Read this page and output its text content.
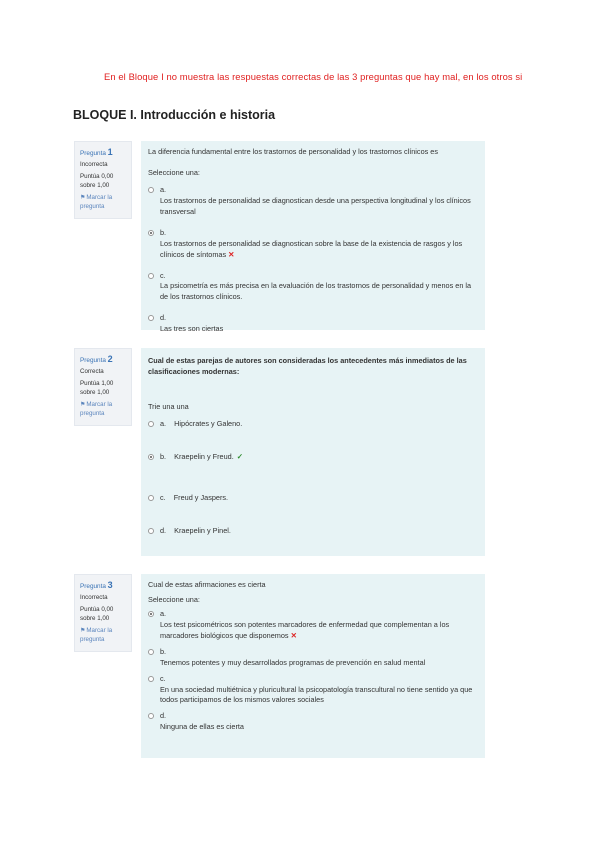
En el Bloque I no muestra las respuestas correctas de las 3 preguntas que hay mal, en los otros si
BLOQUE I. Introducción e historia
Pregunta 1
Incorrecta
Puntúa 0,00 sobre 1,00
⚑Marcar la pregunta

La diferencia fundamental entre los trastornos de personalidad y los trastornos clínicos es

Seleccione una:

a.
Los trastornos de personalidad se diagnostican desde una perspectiva longitudinal y los clínicos transversal
b.
Los trastornos de personalidad se diagnostican sobre la base de la existencia de rasgos y los clínicos de síntomas ✕
c.
La psicometría es más precisa en la evaluación de los trastornos de personalidad y menos en la de los trastornos clínicos.
d.
Las tres son ciertas
Pregunta 2
Correcta
Puntúa 1,00 sobre 1,00
⚑Marcar la pregunta

Cual de estas parejas de autores son consideradas los antecedentes más inmediatos de las clasificaciones modernas:

Trie una una

a. Hipócrates y Galeno.
b. Kraepelin y Freud. ✓
c. Freud y Jaspers.
d. Kraepelin y Pinel.
Pregunta 3
Incorrecta
Puntúa 0,00 sobre 1,00
⚑Marcar la pregunta

Cual de estas afirmaciones es cierta

Seleccione una:

a.
Los test psicométricos son potentes marcadores de enfermedad que complementan a los marcadores biológicos que disponemos ✕
b.
Tenemos potentes y muy desarrollados programas de prevención en salud mental
c.
En una sociedad multiétnica y pluricultural la psicopatología transcultural no tiene sentido ya que todos participamos de los mismos valores sociales
d.
Ninguna de ellas es cierta
